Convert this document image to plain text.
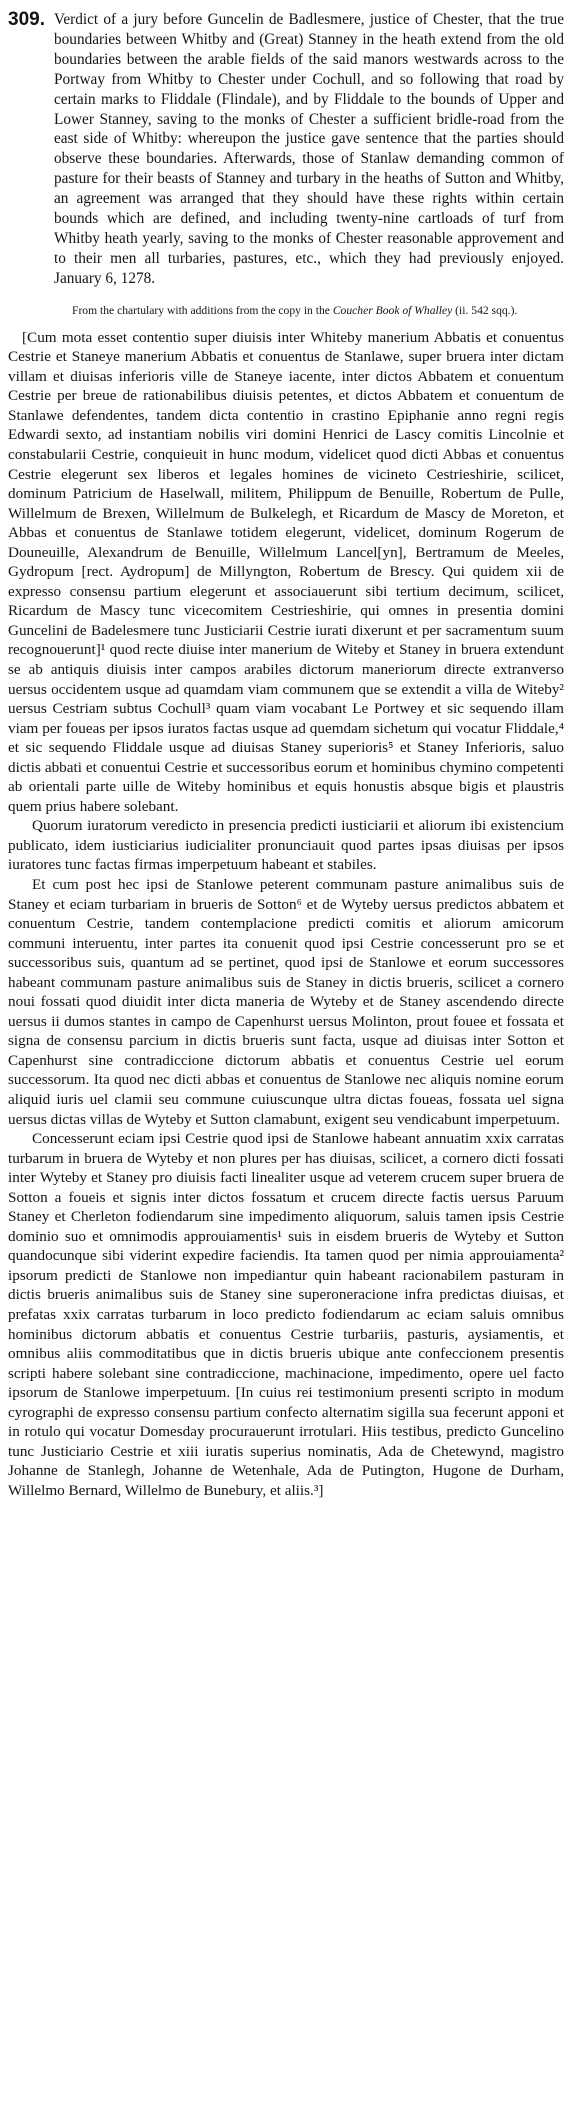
309. Verdict of a jury before Guncelin de Badlesmere, justice of Chester, that the true boundaries between Whitby and (Great) Stanney in the heath extend from the old boundaries between the arable fields of the said manors westwards across to the Portway from Whitby to Chester under Cochull, and so following that road by certain marks to Fliddale (Flindale), and by Fliddale to the bounds of Upper and Lower Stanney, saving to the monks of Chester a sufficient bridle-road from the east side of Whitby: whereupon the justice gave sentence that the parties should observe these boundaries. Afterwards, those of Stanlaw demanding common of pasture for their beasts of Stanney and turbary in the heaths of Sutton and Whitby, an agreement was arranged that they should have these rights within certain bounds which are defined, and including twenty-nine cartloads of turf from Whitby heath yearly, saving to the monks of Chester reasonable approvement and to their men all turbaries, pastures, etc., which they had previously enjoyed. January 6, 1278.

From the chartulary with additions from the copy in the Coucher Book of Whalley (ii. 542 sqq.).

[Cum mota esset contentio super diuisis inter Whiteby manerium Abbatis et conuentus Cestrie et Staneye manerium Abbatis et conuentus de Stanlawe, super bruera inter dictam villam et diuisas inferioris ville de Staneye iacente, inter dictos Abbatem et conuentum Cestrie per breue de rationabilibus diuisis petentes, et dictos Abbatem et conuentum de Stanlawe defendentes, tandem dicta contentio in crastino Epiphanie anno regni regis Edwardi sexto, ad instantiam nobilis viri domini Henrici de Lascy comitis Lincolnie et constabularii Cestrie, conquieuit in hunc modum, videlicet quod dicti Abbas et conuentus Cestrie elegerunt sex liberos et legales homines de vicineto Cestrieshirie, scilicet, dominum Patricium de Haselwall, militem, Philippum de Benuille, Robertum de Pulle, Willelmum de Brexen, Willelmum de Bulkelegh, et Ricardum de Mascy de Moreton, et Abbas et conuentus de Stanlawe totidem elegerunt, videlicet, dominum Rogerum de Douneuille, Alexandrum de Benuille, Willelmum Lancel[yn], Bertramum de Meeles, Gydropum [rect. Aydropum] de Millyngton, Robertum de Brescy. Qui quidem xii de expresso consensu partium elegerunt et associauerunt sibi tertium decimum, scilicet, Ricardum de Mascy tunc vicecomitem Cestrieshirie, qui omnes in presentia domini Guncelini de Badelesmere tunc Justiciarii Cestrie iurati dixerunt et per sacramentum suum recognouerunt]¹ quod recte diuise inter manerium de Witeby et Staney in bruera extendunt se ab antiquis diuisis inter campos arabiles dictorum maneriorum directe extranverso uersus occidentem usque ad quamdam viam communem que se extendit a villa de Witeby² uersus Cestriam subtus Cochull³ quam viam vocabant Le Portwey et sic sequendo illam viam per foueas per ipsos iuratos factas usque ad quemdam sichetum qui vocatur Fliddale,⁴ et sic sequendo Fliddale usque ad diuisas Staney superioris⁵ et Staney Inferioris, saluo dictis abbati et conuentui Cestrie et successoribus eorum et hominibus chymino competenti ab orientali parte uille de Witeby hominibus et equis honustis absque bigis et plaustris quem prius habere solebant.

Quorum iuratorum veredicto in presencia predicti iusticiarii et aliorum ibi existencium publicato, idem iusticiarius iudicialiter pronunciauit quod partes ipsas diuisas per ipsos iuratores tunc factas firmas imperpetuum habeant et stabiles.

Et cum post hec ipsi de Stanlowe peterent communam pasture animalibus suis de Staney et eciam turbariam in brueris de Sotton⁶ et de Wyteby uersus predictos abbatem et conuentum Cestrie, tandem contemplacione predicti comitis et aliorum amicorum communi interuentu, inter partes ita conuenit quod ipsi Cestrie concesserunt pro se et successoribus suis, quantum ad se pertinet, quod ipsi de Stanlowe et eorum successores habeant communam pasture animalibus suis de Staney in dictis brueris, scilicet a cornero noui fossati quod diuidit inter dicta maneria de Wyteby et de Staney ascendendo directe uersus ii dumos stantes in campo de Capenhurst uersus Molinton, prout fouee et fossata et signa de consensu parcium in dictis brueris sunt facta, usque ad diuisas inter Sotton et Capenhurst sine contradiccione dictorum abbatis et conuentus Cestrie uel eorum successorum. Ita quod nec dicti abbas et conuentus de Stanlowe nec aliquis nomine eorum aliquid iuris uel clamii seu commune cuiuscunque ultra dictas foueas, fossata uel signa uersus dictas villas de Wyteby et Sutton clamabunt, exigent seu vendicabunt imperpetuum.

Concesserunt eciam ipsi Cestrie quod ipsi de Stanlowe habeant annuatim xxix carratas turbarum in bruera de Wyteby et non plures per has diuisas, scilicet, a cornero dicti fossati inter Wyteby et Staney pro diuisis facti linealiter usque ad veterem crucem super bruera de Sotton a foueis et signis inter dictos fossatum et crucem directe factis uersus Paruum Staney et Cherleton fodiendarum sine impedimento aliquorum, saluis tamen ipsis Cestrie dominio suo et omnimodis approuiamentis¹ suis in eisdem brueris de Wyteby et Sutton quandocunque sibi viderint expedire faciendis. Ita tamen quod per nimia approuiamenta² ipsorum predicti de Stanlowe non impediantur quin habeant racionabilem pasturam in dictis brueris animalibus suis de Staney sine superoneracione infra predictas diuisas, et prefatas xxix carratas turbarum in loco predicto fodiendarum ac eciam saluis omnibus hominibus dictorum abbatis et conuentus Cestrie turbariis, pasturis, aysiamentis, et omnibus aliis commoditatibus que in dictis brueris ubique ante confeccionem presentis scripti habere solebant sine contradiccione, machinacione, impedimento, opere uel facto ipsorum de Stanlowe imperpetuum. [In cuius rei testimonium presenti scripto in modum cyrographi de expresso consensu partium confecto alternatim sigilla sua fecerunt apponi et in rotulo qui vocatur Domesday procurauerunt irrotulari. Hiis testibus, predicto Guncelino tunc Justiciario Cestrie et xiii iuratis superius nominatis, Ada de Chetewynd, magistro Johanne de Stanlegh, Johanne de Wetenhale, Ada de Putington, Hugone de Durham, Willelmo Bernard, Willelmo de Bunebury, et aliis.³]
